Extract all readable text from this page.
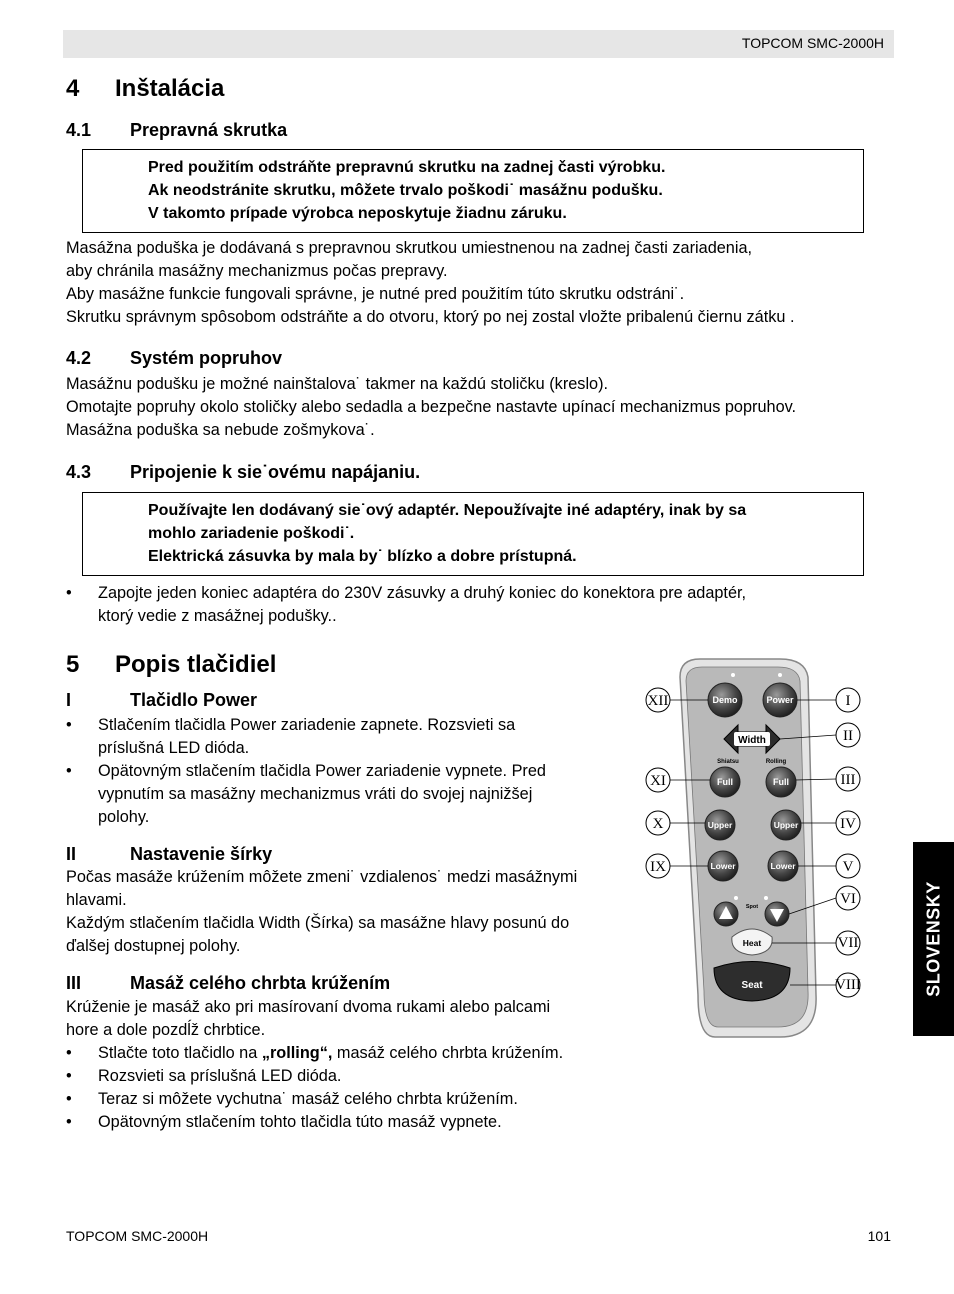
TOPCOM SMC-2000H
4 Inštalácia
4.1 Prepravná skrutka
Pred použitím odstráňte prepravnú skrutku na zadnej časti výrobku.
Ak neodstránite skrutku, môžete trvalo poškodi˙ masážnu podušku.
V takomto prípade výrobca neposkytuje žiadnu záruku.
Masážna poduška je dodávaná s prepravnou skrutkou umiestnenou na zadnej časti zariadenia,
aby chránila masážny mechanizmus počas prepravy.
Aby masážne funkcie fungovali správne, je nutné pred použitím túto skrutku odstráni˙.
Skrutku správnym spôsobom odstráňte a do otvoru, ktorý po nej zostal vložte pribalenú čiernu zátku .
4.2 Systém popruhov
Masážnu podušku je možné nainštalova˙ takmer na každú stoličku (kreslo).
Omotajte popruhy okolo stoličky alebo sedadla a bezpečne nastavte upínací mechanizmus popruhov.
Masážna poduška sa nebude zošmykova˙.
4.3 Pripojenie k sie˙ovému napájaniu.
Používajte len dodávaný sie˙ový adaptér. Nepoužívajte iné adaptéry, inak by sa
mohlo zariadenie poškodi˙.
Elektrická zásuvka by mala by˙ blízko a dobre prístupná.
• Zapojte jeden koniec adaptéra do 230V zásuvky a druhý koniec do konektora pre adaptér,
ktorý vedie z masážnej podušky..
5 Popis tlačidiel
I	Tlačidlo Power
• Stlačením tlačidla Power zariadenie zapnete. Rozsvieti sa
príslušná LED dióda.
• Opätovným stlačením tlačidla Power zariadenie vypnete. Pred
vypnutím sa masážny mechanizmus vráti do svojej najnižšej
polohy.
II	Nastavenie šírky
Počas masáže krúžením môžete zmeni˙ vzdialenos˙ medzi masážnymi
hlavami.
Každým stlačením tlačidla Width (Šírka) sa masážne hlavy posunú do
ďalšej dostupnej polohy.
III	Masáž celého chrbta krúžením
Krúženie je masáž ako pri masírovaní dvoma rukami alebo palcami
hore a dole pozdĺž chrbtice.
• Stlačte toto tlačidlo na „rolling“, masáž celého chrbta krúžením.
• Rozsvieti sa príslušná LED dióda.
• Teraz si môžete vychutna˙ masáž celého chrbta krúžením.
• Opätovným stlačením tohto tlačidla túto masáž vypnete.
Demo	Power
Width
Shiatsu	Rolling
Full	Full
Upper	Upper
Lower	Lower
Spot
Heat
Seat
XII	I
II
XI	III
X	IV
IX	V
VI
VII
VIII	SLOVENSKY
TOPCOM SMC-2000H	101
